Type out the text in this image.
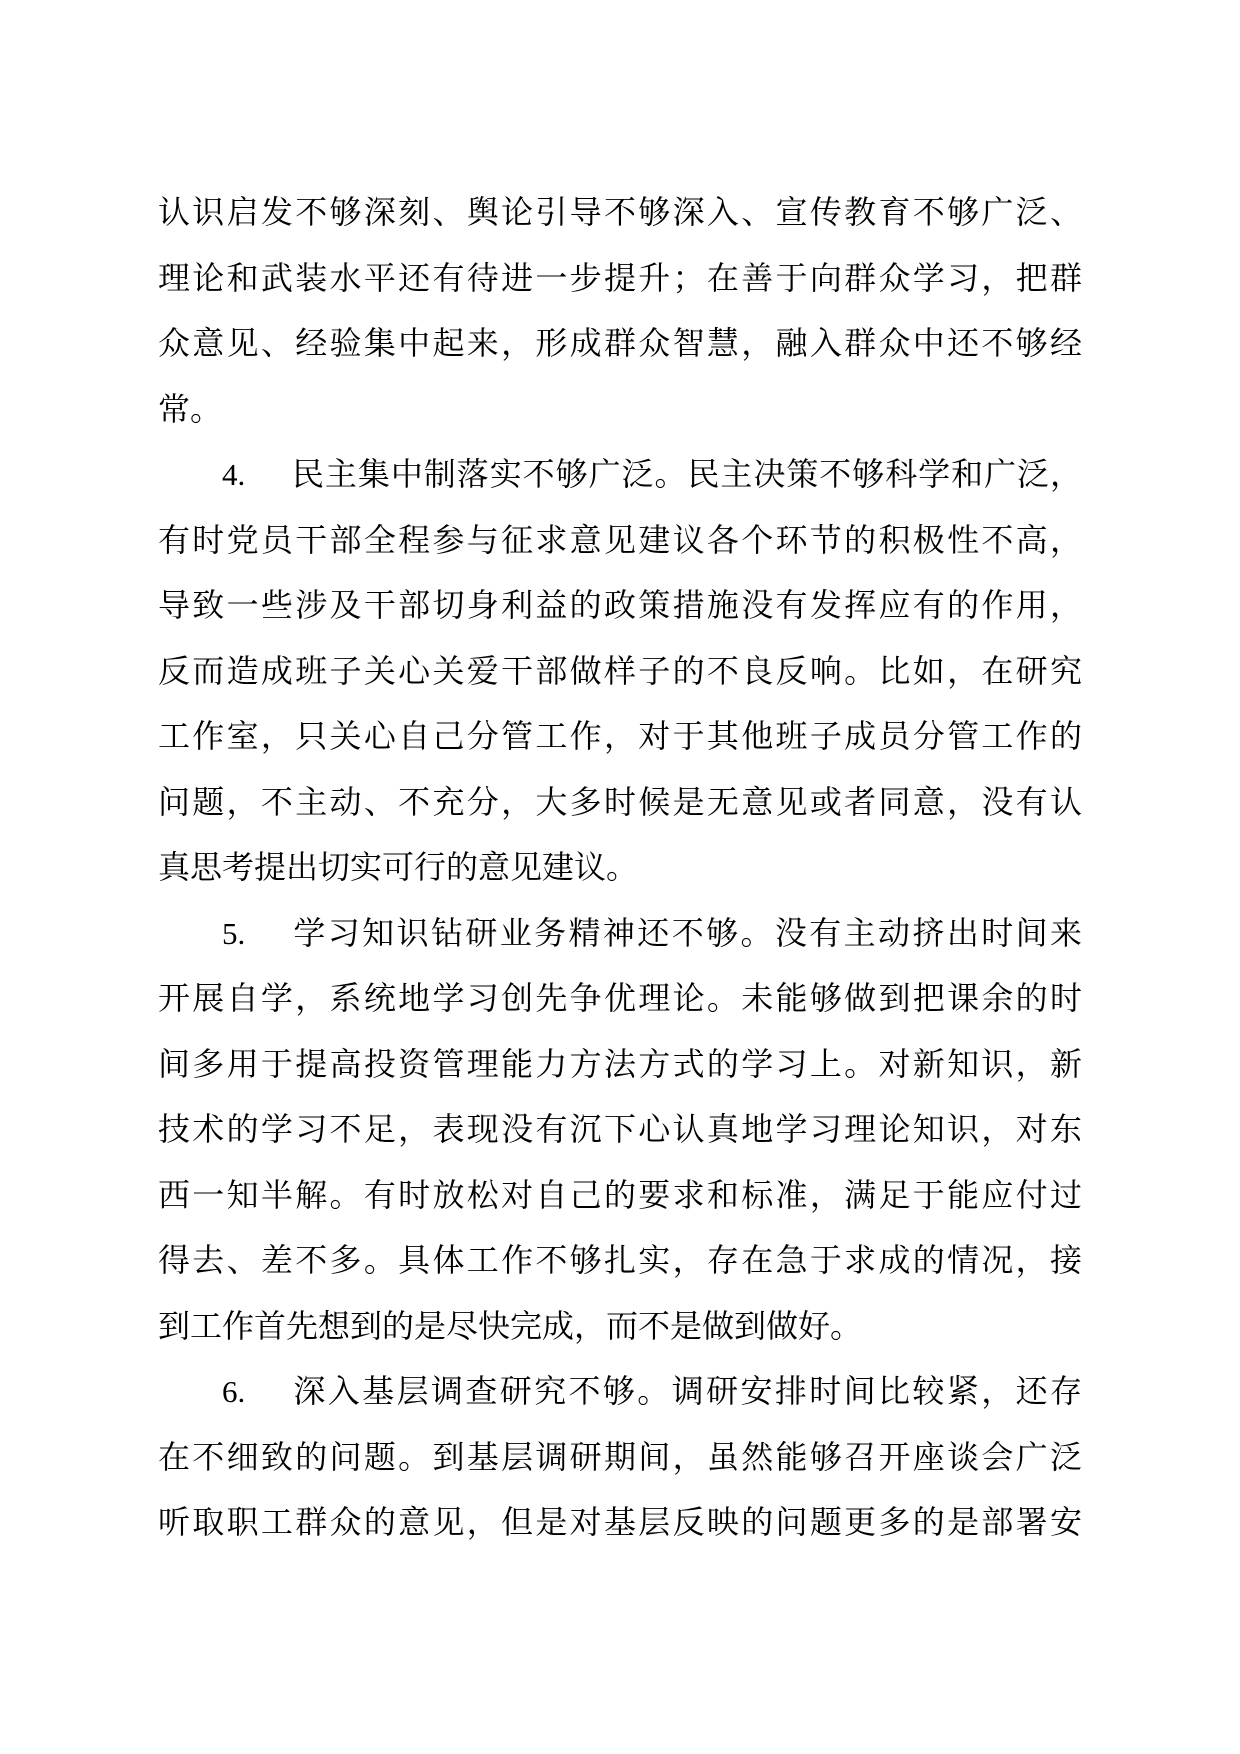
认识启发不够深刻、舆论引导不够深入、宣传教育不够广泛、
理论和武装水平还有待进一步提升；在善于向群众学习，把群
众意见、经验集中起来，形成群众智慧，融入群众中还不够经
常。
4. 民主集中制落实不够广泛。民主决策不够科学和广泛，
有时党员干部全程参与征求意见建议各个环节的积极性不高，
导致一些涉及干部切身利益的政策措施没有发挥应有的作用，
反而造成班子关心关爱干部做样子的不良反响。比如，在研究
工作室，只关心自己分管工作，对于其他班子成员分管工作的
问题，不主动、不充分，大多时候是无意见或者同意，没有认
真思考提出切实可行的意见建议。
5. 学习知识钻研业务精神还不够。没有主动挤出时间来
开展自学，系统地学习创先争优理论。未能够做到把课余的时
间多用于提高投资管理能力方法方式的学习上。对新知识，新
技术的学习不足，表现没有沉下心认真地学习理论知识，对东
西一知半解。有时放松对自己的要求和标准，满足于能应付过
得去、差不多。具体工作不够扎实，存在急于求成的情况，接
到工作首先想到的是尽快完成，而不是做到做好。
6. 深入基层调查研究不够。调研安排时间比较紧，还存
在不细致的问题。到基层调研期间，虽然能够召开座谈会广泛
听取职工群众的意见，但是对基层反映的问题更多的是部署安
